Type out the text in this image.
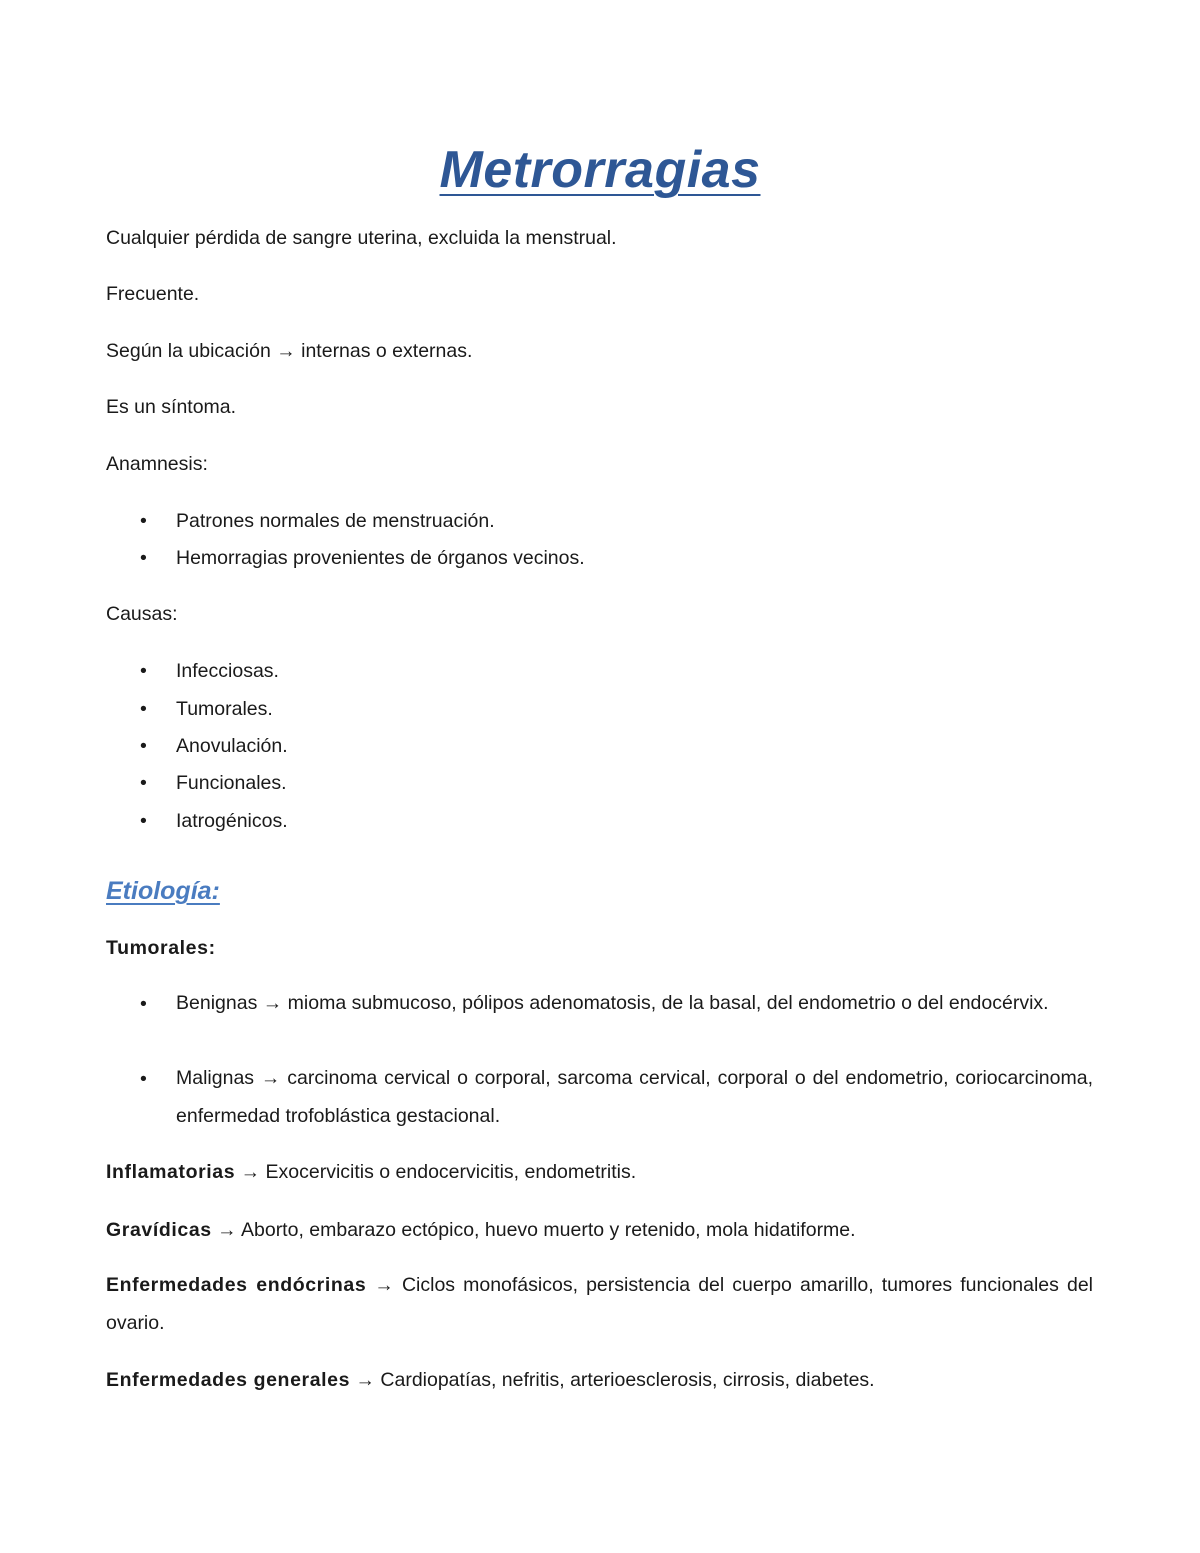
Metrorragias
Cualquier pérdida de sangre uterina, excluida la menstrual.
Frecuente.
Según la ubicación → internas o externas.
Es un síntoma.
Anamnesis:
• Patrones normales de menstruación.
• Hemorragias provenientes de órganos vecinos.
Causas:
• Infecciosas.
• Tumorales.
• Anovulación.
• Funcionales.
• Iatrogénicos.
Etiología:
Tumorales:
• Benignas → mioma submucoso, pólipos adenomatosis, de la basal, del endometrio o del endocérvix.
• Malignas → carcinoma cervical o corporal, sarcoma cervical, corporal o del endometrio, coriocarcinoma, enfermedad trofoblástica gestacional.
Inflamatorias → Exocervicitis o endocervicitis, endometritis.
Gravídicas → Aborto, embarazo ectópico, huevo muerto y retenido, mola hidatiforme.
Enfermedades endócrinas → Ciclos monofásicos, persistencia del cuerpo amarillo, tumores funcionales del ovario.
Enfermedades generales → Cardiopatías, nefritis, arterioesclerosis, cirrosis, diabetes.
